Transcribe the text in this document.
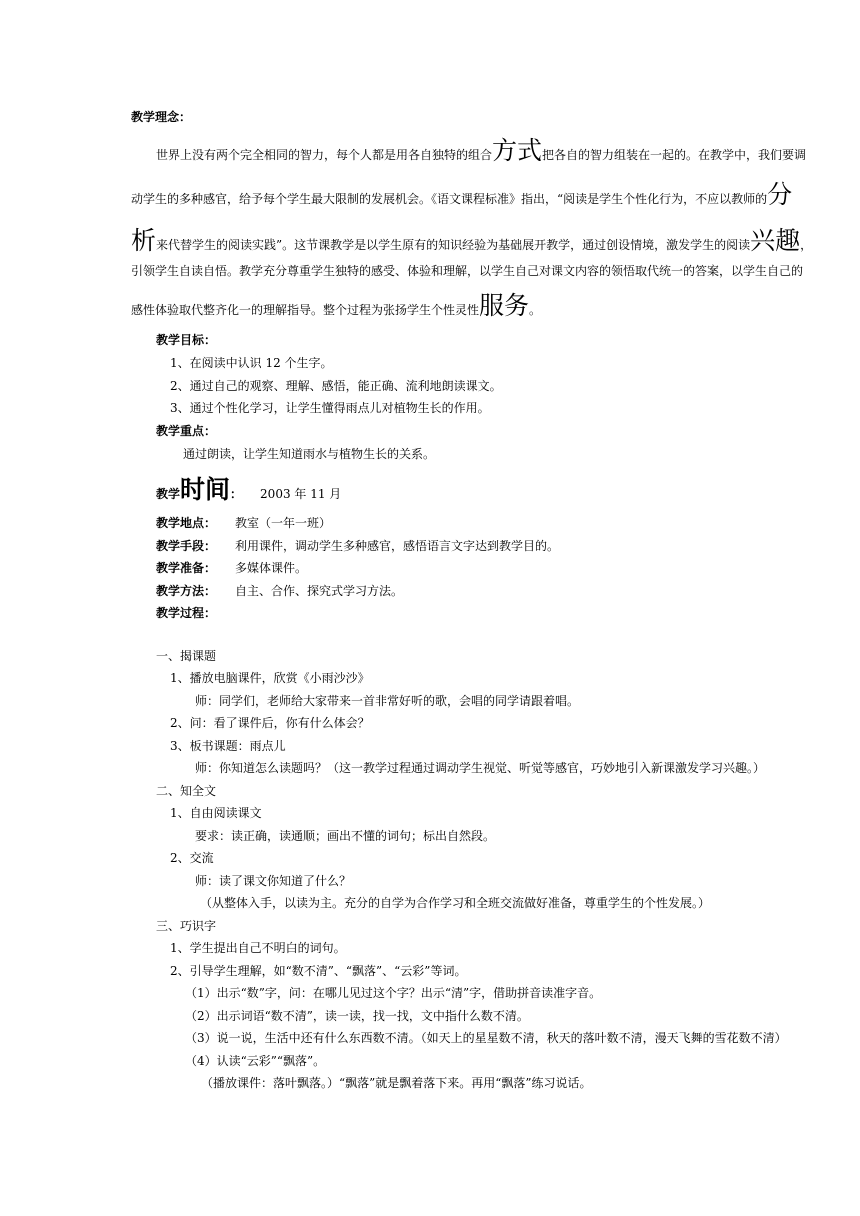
教学理念：
世界上没有两个完全相同的智力，每个人都是用各自独特的组合方式把各自的智力组装在一起的。在教学中，我们要调
动学生的多种感官，给予每个学生最大限制的发展机会。《语文课程标准》指出，“阅读是学生个性化行为，不应以教师的分
析来代替学生的阅读实践”。这节课教学是以学生原有的知识经验为基础展开教学，通过创设情境，激发学生的阅读兴趣，
引领学生自读自悟。教学充分尊重学生独特的感受、体验和理解，以学生自己对课文内容的领悟取代统一的答案，以学生自己的
感性体验取代整齐化一的理解指导。整个过程为张扬学生个性灵性服务。
教学目标：
1、在阅读中认识 12 个生字。
2、通过自己的观察、理解、感悟，能正确、流利地朗读课文。
3、通过个性化学习，让学生懂得雨点儿对植物生长的作用。
教学重点：
通过朗读，让学生知道雨水与植物生长的关系。
教学时间： 2003 年 11 月
教学地点： 教室（一年一班）
教学手段： 利用课件，调动学生多种感官，感悟语言文字达到教学目的。
教学准备： 多媒体课件。
教学方法： 自主、合作、探究式学习方法。
教学过程：
一、揭课题
1、播放电脑课件，欣赏《小雨沙沙》
师：同学们，老师给大家带来一首非常好听的歌，会唱的同学请跟着唱。
2、问：看了课件后，你有什么体会？
3、板书课题：雨点儿
师：你知道怎么读题吗？（这一教学过程通过调动学生视觉、听觉等感官，巧妙地引入新课激发学习兴趣。）
二、知全文
1、自由阅读课文
要求：读正确，读通顺；画出不懂的词句；标出自然段。
2、交流
师：读了课文你知道了什么？
（从整体入手，以读为主。充分的自学为合作学习和全班交流做好准备，尊重学生的个性发展。）
三、巧识字
1、学生提出自己不明白的词句。
2、引导学生理解，如“数不清”、“飘落”、“云彩”等词。
（1）出示“数”字，问：在哪儿见过这个字？出示“清”字，借助拼音读准字音。
（2）出示词语“数不清”，读一读，找一找，文中指什么数不清。
（3）说一说，生活中还有什么东西数不清。（如天上的星星数不清，秋天的落叶数不清，漫天飞舞的雪花数不清）
（4）认读“云彩”“飘落”。
（播放课件：落叶飘落。）“飘落”就是飘着落下来。再用“飘落”练习说话。
